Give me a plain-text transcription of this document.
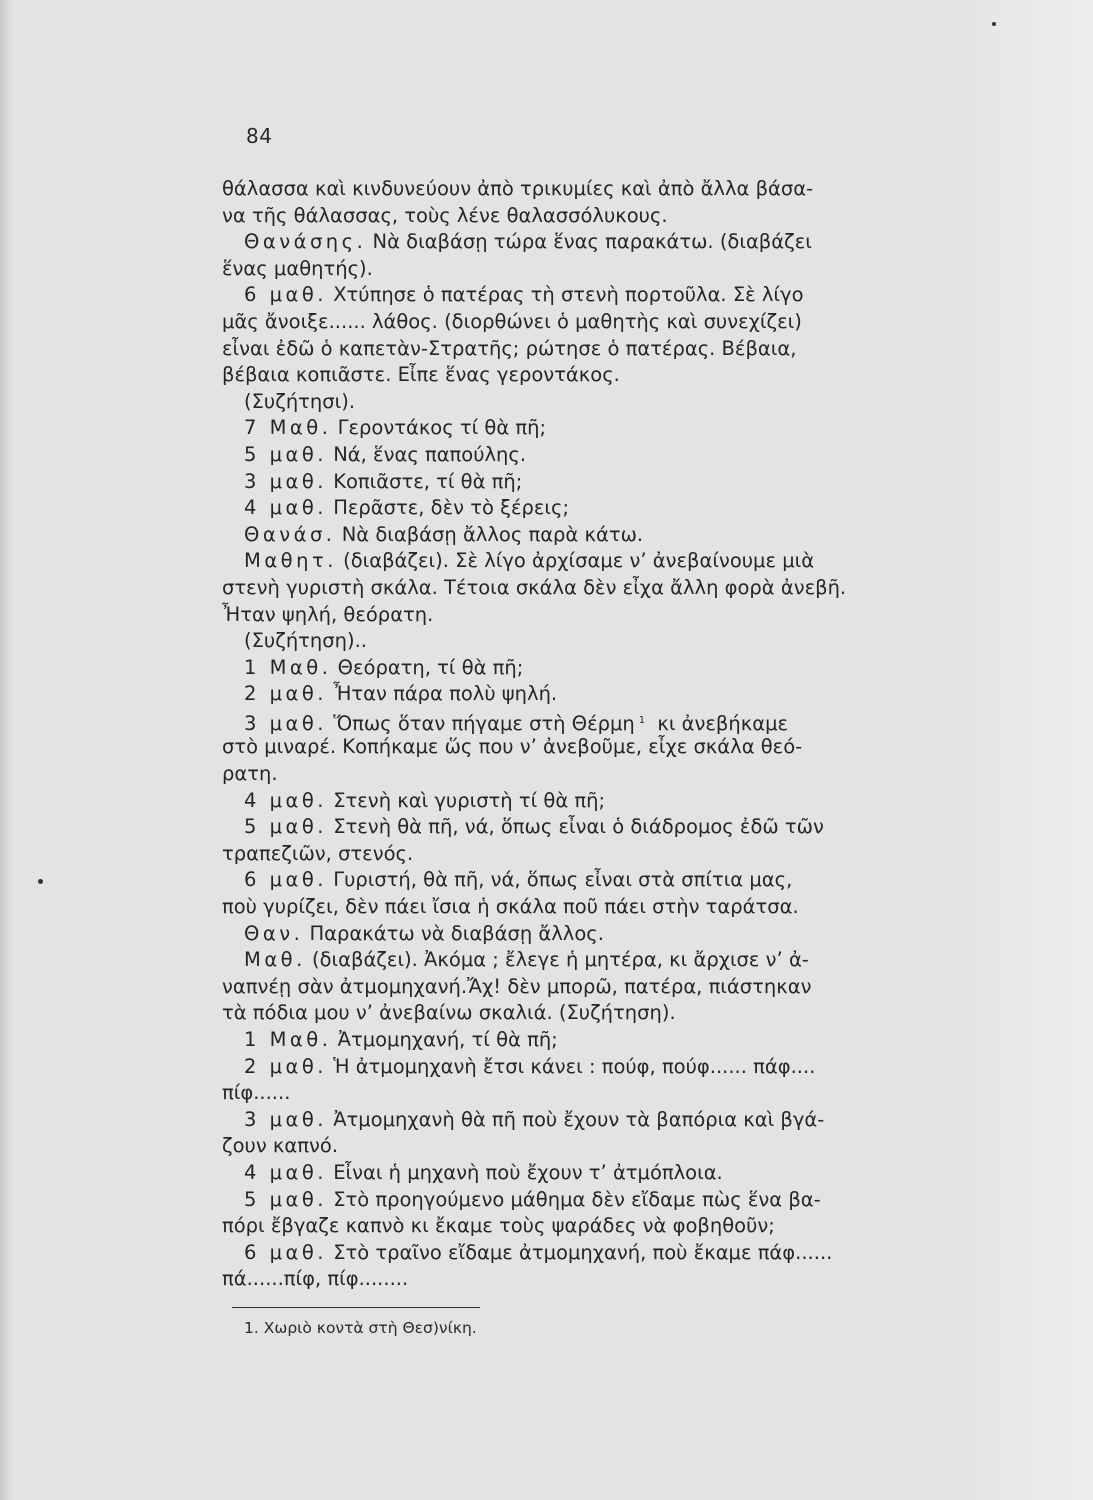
84
θάλασσα καὶ κινδυνεύουν ἀπὸ τρικυμίες καὶ ἀπὸ ἄλλα βάσα-
να τῆς θάλασσας, τοὺς λένε θαλασσόλυκους.
Θανάσης. Νὰ διαβάσῃ τώρα ἕνας παρακάτω. (διαβάζει
ἕνας μαθητής).
6 μαθ. Χτύπησε ὁ πατέρας τὴ στενὴ πορτοῦλα. Σὲ λίγο
μᾶς ἄνοιξε...... λάθος. (διορθώνει ὁ μαθητὴς καὶ συνεχίζει)
εἶναι ἐδῶ ὁ καπετὰν-Στρατῆς; ρώτησε ὁ πατέρας. Βέβαια,
βέβαια κοπιᾶστε. Εἶπε ἕνας γεροντάκος.
(Συζήτησι).
7 Μαθ. Γεροντάκος τί θὰ πῆ;
5 μαθ. Νά, ἕνας παπούλης.
3 μαθ. Κοπιᾶστε, τί θὰ πῆ;
4 μαθ. Περᾶστε, δὲν τὸ ξέρεις;
Θανάσ. Νὰ διαβάσῃ ἄλλος παρὰ κάτω.
Μαθητ. (διαβάζει). Σὲ λίγο ἀρχίσαμε ν’ ἀνεβαίνουμε μιὰ
στενὴ γυριστὴ σκάλα. Τέτοια σκάλα δὲν εἶχα ἄλλη φορὰ ἀνεβῆ.
Ἦταν ψηλή, θεόρατη.
(Συζήτηση)..
1 Μαθ. Θεόρατη, τί θὰ πῆ;
2 μαθ. Ἦταν πάρα πολὺ ψηλή.
3 μαθ. Ὅπως ὅταν πήγαμε στὴ Θέρμη $^1$ κι ἀνεβήκαμε
στὸ μιναρέ. Κοπήκαμε ὥς που ν’ ἀνεβοῦμε, εἶχε σκάλα θεό-
ρατη.
4 μαθ. Στενὴ καὶ γυριστὴ τί θὰ πῆ;
5 μαθ. Στενὴ θὰ πῆ, νά, ὅπως εἶναι ὁ διάδρομος ἐδῶ τῶν
τραπεζιῶν, στενός.
6 μαθ. Γυριστή, θὰ πῆ, νά, ὅπως εἶναι στὰ σπίτια μας,
ποὺ γυρίζει, δὲν πάει ἴσια ἡ σκάλα ποῦ πάει στὴν ταράτσα.
Θαν. Παρακάτω νὰ διαβάσῃ ἄλλος.
Μαθ. (διαβάζει). Ἀκόμα ; ἔλεγε ἡ μητέρα, κι ἄρχισε ν’ ἀ-
ναπνέῃ σὰν ἀτμομηχανή.Ἄχ! δὲν μπορῶ, πατέρα, πιάστηκαν
τὰ πόδια μου ν’ ἀνεβαίνω σκαλιά. (Συζήτηση).
1 Μαθ. Ἀτμομηχανή, τί θὰ πῆ;
2 μαθ. Ἡ ἀτμομηχανὴ ἔτσι κάνει : πούφ, πούφ...... πάφ....
πίφ......
3 μαθ. Ἀτμομηχανὴ θὰ πῆ ποὺ ἔχουν τὰ βαπόρια καὶ βγά-
ζουν καπνό.
4 μαθ. Εἶναι ἡ μηχανὴ ποὺ ἔχουν τ’ ἀτμόπλοια.
5 μαθ. Στὸ προηγούμενο μάθημα δὲν εἴδαμε πὼς ἕνα βα-
πόρι ἔβγαζε καπνὸ κι ἔκαμε τοὺς ψαράδες νὰ φοβηθοῦν;
6 μαθ. Στὸ τραῖνο εἴδαμε ἀτμομηχανή, ποὺ ἔκαμε πάφ......
πά......πίφ, πίφ........
1. Χωριὸ κοντὰ στὴ Θεσ)νίκη.
